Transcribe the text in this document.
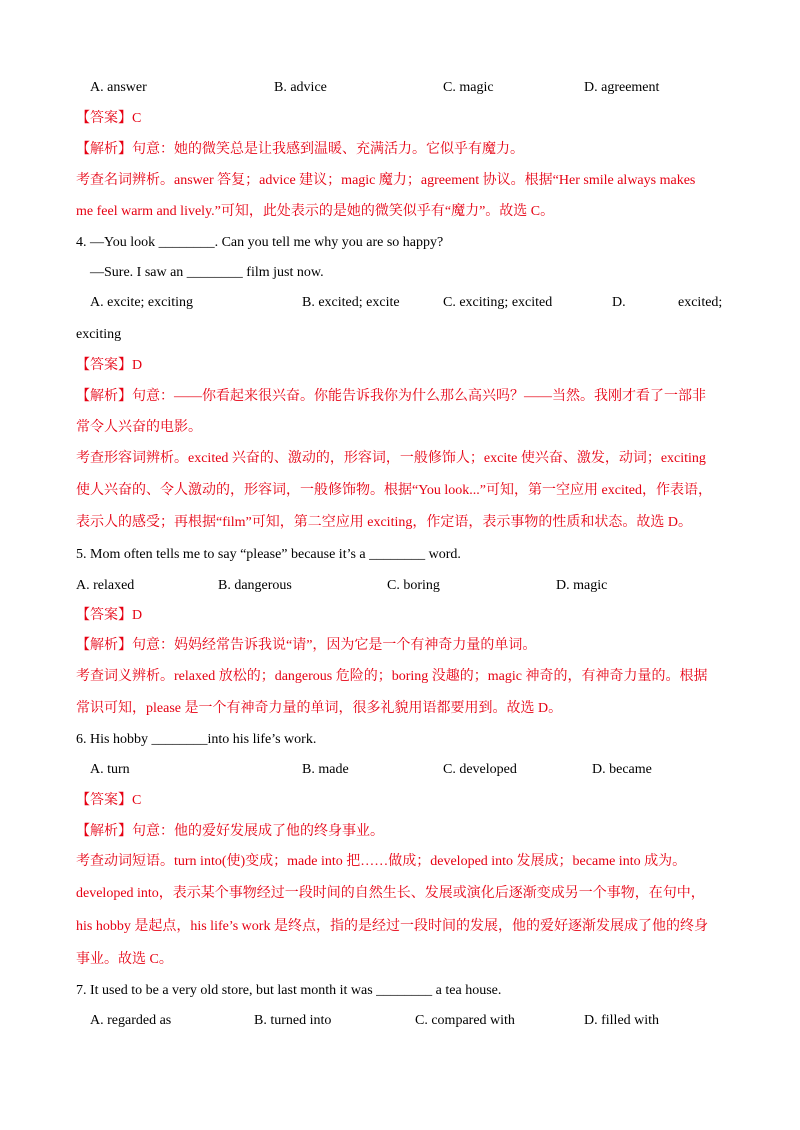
A. answer	B. advice	C. magic	D. agreement
【答案】C
【解析】句意：她的微笑总是让我感到温暖、充满活力。它似乎有魔力。
考查名词辨析。answer 答复；advice 建议；magic 魔力；agreement 协议。根据“Her smile always makes
me feel warm and lively.”可知，此处表示的是她的微笑似乎有“魔力”。故选 C。
4. —You look ________. Can you tell me why you are so happy?
—Sure. I saw an ________ film just now.
A. excite; exciting	B. excited; excite	C. exciting; excited	D.	excited;
exciting
【答案】D
【解析】句意：——你看起来很兴奋。你能告诉我你为什么那么高兴吗？——当然。我刚才看了一部非
常令人兴奋的电影。
考查形容词辨析。excited 兴奋的、激动的，形容词，一般修饰人；excite 使兴奋、激发，动词；exciting
使人兴奋的、令人激动的，形容词，一般修饰物。根据“You look...”可知，第一空应用 excited，作表语，
表示人的感受；再根据“film”可知，第二空应用 exciting，作定语，表示事物的性质和状态。故选 D。
5. Mom often tells me to say “please” because it’s a ________ word.
A. relaxed	B. dangerous	C. boring	D. magic
【答案】D
【解析】句意：妈妈经常告诉我说“请”，因为它是一个有神奇力量的单词。
考查词义辨析。relaxed 放松的；dangerous 危险的；boring 没趣的；magic 神奇的，有神奇力量的。根据
常识可知，please 是一个有神奇力量的单词，很多礼貌用语都要用到。故选 D。
6. His hobby ________into his life’s work.
A. turn	B. made	C. developed	D. became
【答案】C
【解析】句意：他的爱好发展成了他的终身事业。
考查动词短语。turn into(使)变成；made into 把……做成；developed into 发展成；became into 成为。
developed into，表示某个事物经过一段时间的自然生长、发展或演化后逐渐变成另一个事物，在句中，
his hobby 是起点，his life’s work 是终点，指的是经过一段时间的发展，他的爱好逐渐发展成了他的终身
事业。故选 C。
7. It used to be a very old store, but last month it was ________ a tea house.
A. regarded as	B. turned into	C. compared with	D. filled with
